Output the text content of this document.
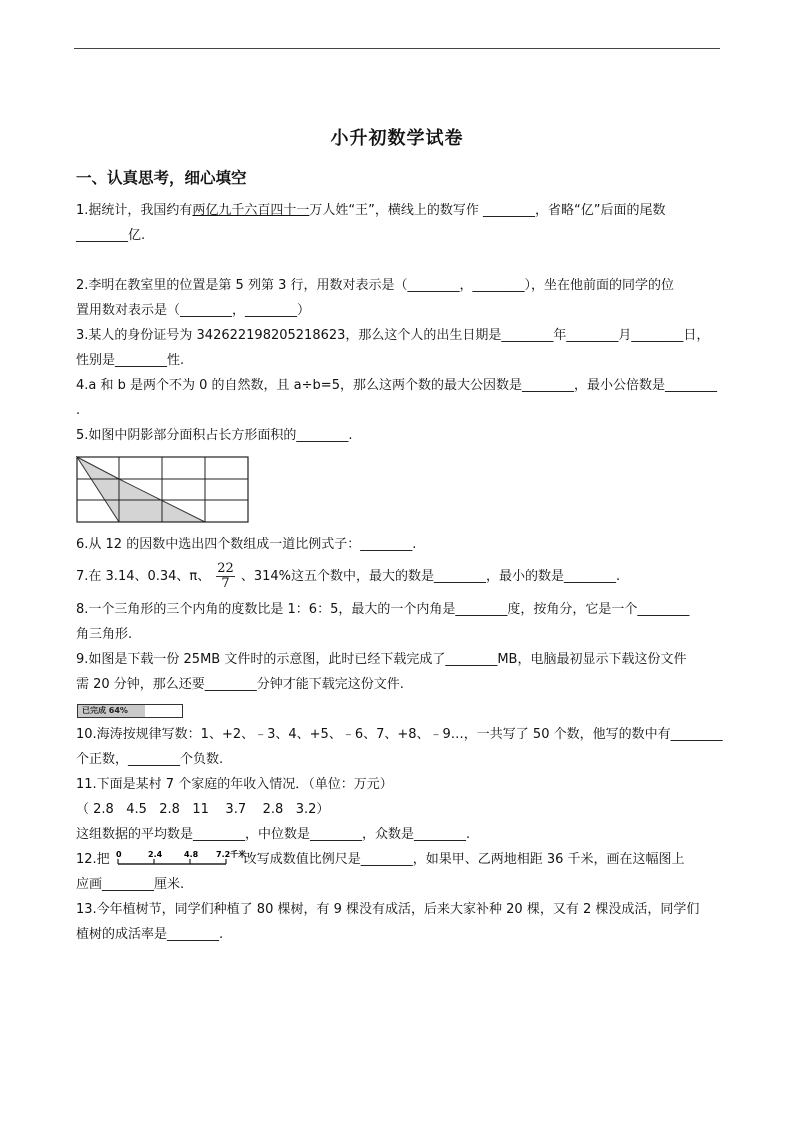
小升初数学试卷
一、认真思考，细心填空
1.据统计，我国约有两亿九千六百四十一万人姓“王”，横线上的数写作 ________，省略“亿”后面的尾数
________亿.
2.李明在教室里的位置是第 5 列第 3 行，用数对表示是（________，________），坐在他前面的同学的位
置用数对表示是（________，________）
3.某人的身份证号为 342622198205218623，那么这个人的出生日期是________年________月________日，
性别是________性.
4.a 和 b 是两个不为 0 的自然数，且 a÷b=5，那么这两个数的最大公因数是________，最小公倍数是________
.
5.如图中阴影部分面积占长方形面积的________.
6.从 12 的因数中选出四个数组成一道比例式子：________.
7.在 3.14、0.34、π、 $\frac{22}{7}$ 、314%这五个数中，最大的数是________，最小的数是________.
8.一个三角形的三个内角的度数比是 1：6：5，最大的一个内角是________度，按角分，它是一个________
角三角形.
9.如图是下载一份 25MB 文件时的示意图，此时已经下载完成了________MB，电脑最初显示下载这份文件
需 20 分钟，那么还要________分钟才能下载完这份文件.
已完成 64%
10.海涛按规律写数：1、+2、﹣3、4、+5、﹣6、7、+8、﹣9…，一共写了 50 个数，他写的数中有________
个正数，________个负数.
11.下面是某村 7 个家庭的年收入情况．（单位：万元）
（ 2.8   4.5   2.8   11    3.7    2.8   3.2）
这组数据的平均数是________，中位数是________，众数是________.
12.把	改写成数值比例尺是________，如果甲、乙两地相距 36 千米，画在这幅图上
应画________厘米.
0	2.4	4.8 7.2千米
13.今年植树节，同学们种植了 80 棵树，有 9 棵没有成活，后来大家补种 20 棵，又有 2 棵没成活，同学们
植树的成活率是________.
